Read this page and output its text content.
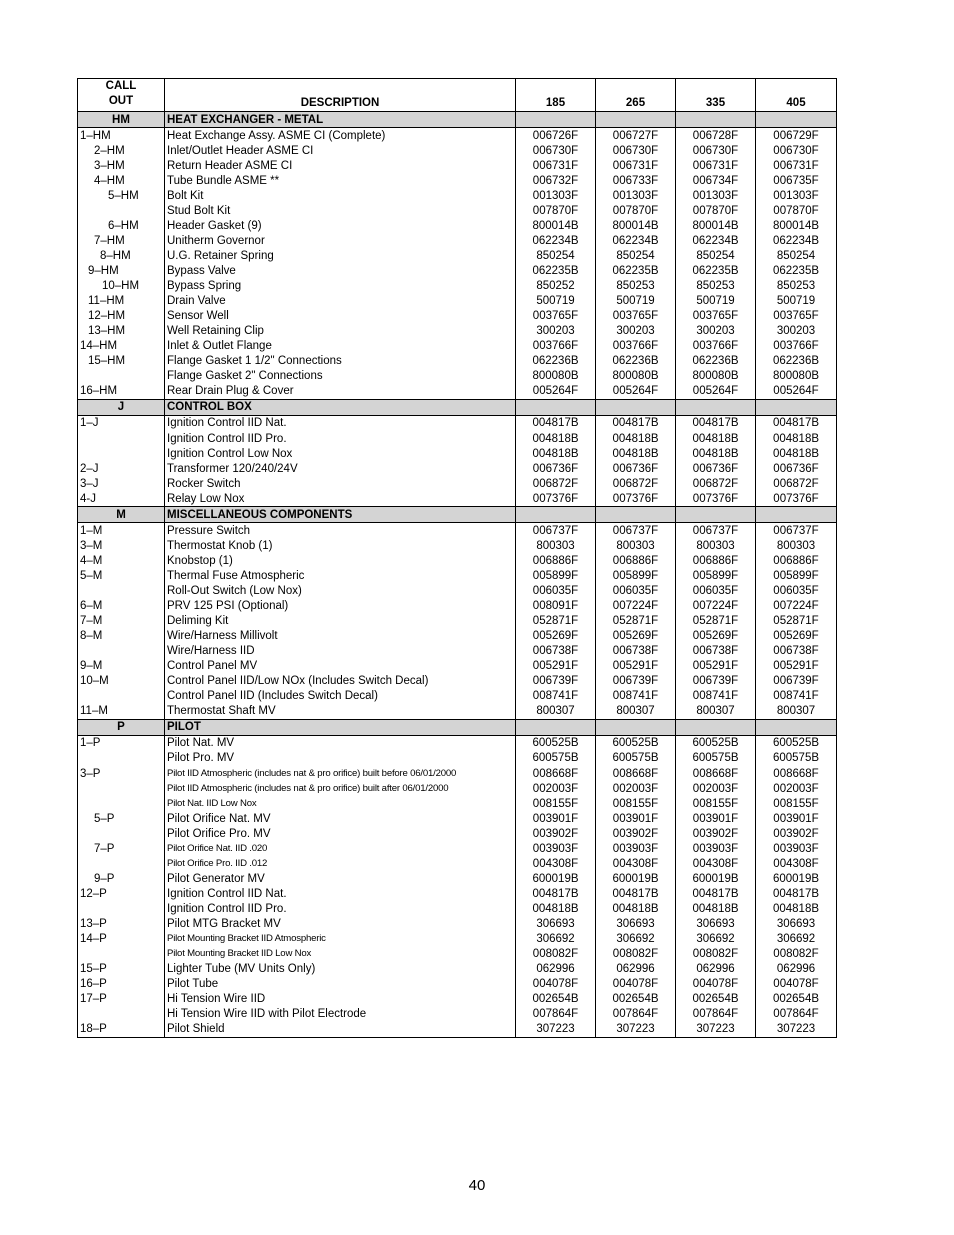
CALL
OUT	DESCRIPTION	185	265	335	405
HM	HEAT EXCHANGER - METAL				
1–HM	Heat Exchange Assy. ASME CI (Complete)	006726F	006727F	006728F	006729F
2–HM	Inlet/Outlet Header ASME CI	006730F	006730F	006730F	006730F
3–HM	Return Header ASME CI	006731F	006731F	006731F	006731F
4–HM	Tube Bundle ASME **	006732F	006733F	006734F	006735F
5–HM	Bolt Kit	001303F	001303F	001303F	001303F
	Stud Bolt Kit	007870F	007870F	007870F	007870F
6–HM	Header Gasket (9)	800014B	800014B	800014B	800014B
7–HM	Unitherm Governor	062234B	062234B	062234B	062234B
8–HM	U.G. Retainer Spring	850254	850254	850254	850254
9–HM	Bypass Valve	062235B	062235B	062235B	062235B
10–HM	Bypass Spring	850252	850253	850253	850253
11–HM	Drain Valve	500719	500719	500719	500719
12–HM	Sensor Well	003765F	003765F	003765F	003765F
13–HM	Well Retaining Clip	300203	300203	300203	300203
14–HM	Inlet & Outlet Flange	003766F	003766F	003766F	003766F
15–HM	Flange Gasket 1 1/2" Connections	062236B	062236B	062236B	062236B
	Flange Gasket 2" Connections	800080B	800080B	800080B	800080B
16–HM	Rear Drain Plug & Cover	005264F	005264F	005264F	005264F
J	CONTROL BOX				
1–J	Ignition Control IID Nat.	004817B	004817B	004817B	004817B
	Ignition Control IID Pro.	004818B	004818B	004818B	004818B
	Ignition Control Low Nox	004818B	004818B	004818B	004818B
2–J	Transformer 120/240/24V	006736F	006736F	006736F	006736F
3–J	Rocker Switch	006872F	006872F	006872F	006872F
4-J	Relay Low Nox	007376F	007376F	007376F	007376F
M	MISCELLANEOUS COMPONENTS				
1–M	Pressure Switch	006737F	006737F	006737F	006737F
3–M	Thermostat Knob (1)	800303	800303	800303	800303
4–M	Knobstop (1)	006886F	006886F	006886F	006886F
5–M	Thermal Fuse Atmospheric	005899F	005899F	005899F	005899F
	Roll-Out Switch (Low Nox)	006035F	006035F	006035F	006035F
6–M	PRV 125 PSI (Optional)	008091F	007224F	007224F	007224F
7–M	Deliming Kit	052871F	052871F	052871F	052871F
8–M	Wire/Harness Millivolt	005269F	005269F	005269F	005269F
	Wire/Harness IID	006738F	006738F	006738F	006738F
9–M	Control Panel MV	005291F	005291F	005291F	005291F
10–M	Control Panel IID/Low NOx (Includes Switch Decal)	006739F	006739F	006739F	006739F
	Control Panel IID (Includes Switch Decal)	008741F	008741F	008741F	008741F
11–M	Thermostat Shaft MV	800307	800307	800307	800307
P	PILOT				
1–P	Pilot Nat. MV	600525B	600525B	600525B	600525B
	Pilot Pro. MV	600575B	600575B	600575B	600575B
3–P	Pilot IID Atmospheric (includes nat & pro orifice) built before 06/01/2000	008668F	008668F	008668F	008668F
	Pilot IID Atmospheric (includes nat & pro orifice) built after 06/01/2000	002003F	002003F	002003F	002003F
	Pilot Nat. IID Low Nox	008155F	008155F	008155F	008155F
5–P	Pilot Orifice Nat. MV	003901F	003901F	003901F	003901F
	Pilot Orifice Pro. MV	003902F	003902F	003902F	003902F
7–P	Pilot Orifice Nat. IID .020	003903F	003903F	003903F	003903F
	Pilot Orifice Pro. IID .012	004308F	004308F	004308F	004308F
9–P	Pilot Generator MV	600019B	600019B	600019B	600019B
12–P	Ignition Control IID Nat.	004817B	004817B	004817B	004817B
	Ignition Control IID Pro.	004818B	004818B	004818B	004818B
13–P	Pilot MTG Bracket MV	306693	306693	306693	306693
14–P	Pilot Mounting Bracket IID Atmospheric	306692	306692	306692	306692
	Pilot Mounting Bracket IID Low Nox	008082F	008082F	008082F	008082F
15–P	Lighter Tube (MV Units Only)	062996	062996	062996	062996
16–P	Pilot Tube	004078F	004078F	004078F	004078F
17–P	Hi Tension Wire IID	002654B	002654B	002654B	002654B
	Hi Tension Wire IID with Pilot Electrode	007864F	007864F	007864F	007864F
18–P	Pilot Shield	307223	307223	307223	307223
40
